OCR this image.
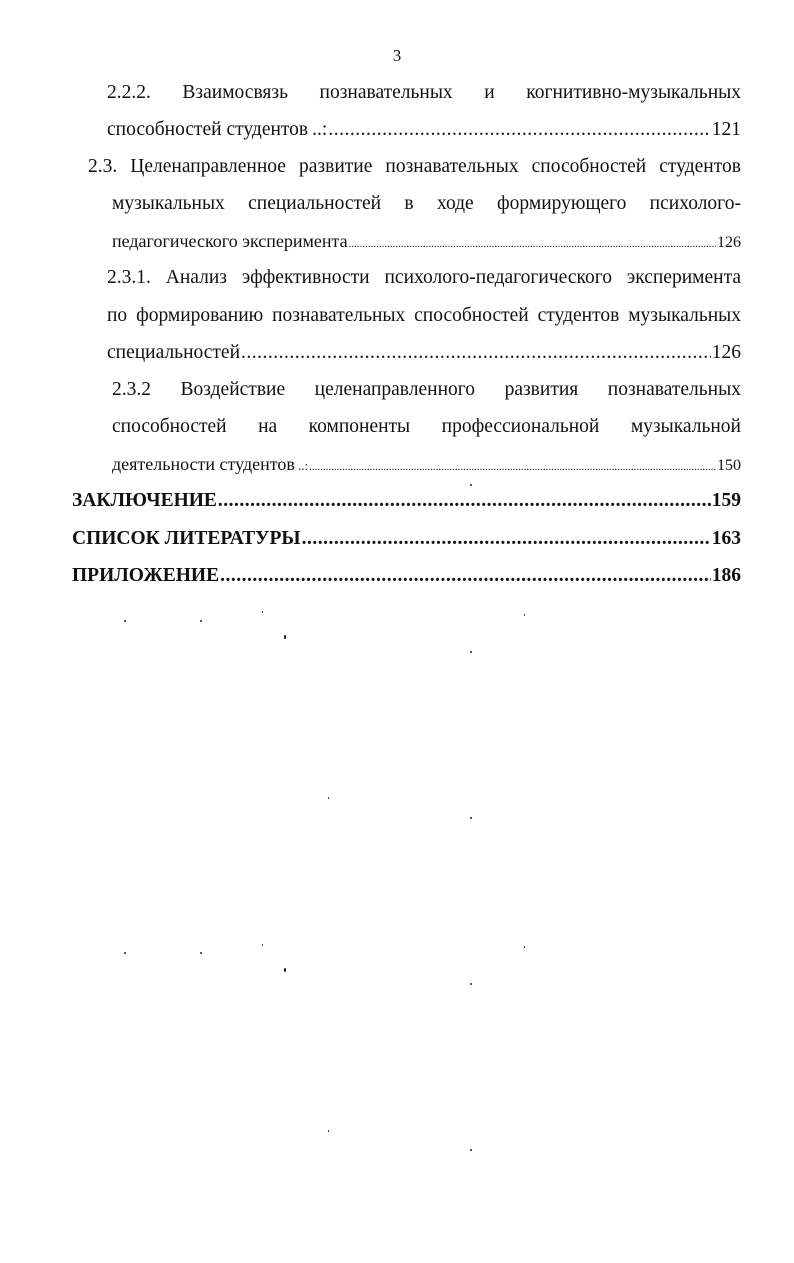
3
2.2.2. Взаимосвязь познавательных и когнитивно-музыкальных
способностей студентов ..: .....	121
2.3. Целенаправленное развитие познавательных способностей студентов
музыкальных специальностей в ходе формирующего психолого-
педагогического эксперимента .....	126
2.3.1. Анализ эффективности психолого-педагогического эксперимента
по формированию познавательных способностей студентов музыкальных
специальностей .....	126
2.3.2 Воздействие целенаправленного развития познавательных
способностей на компоненты профессиональной музыкальной
деятельности студентов ..: .....	150
ЗАКЛЮЧЕНИЕ .....	159
СПИСОК ЛИТЕРАТУРЫ .....	163
ПРИЛОЖЕНИЕ .....	186
